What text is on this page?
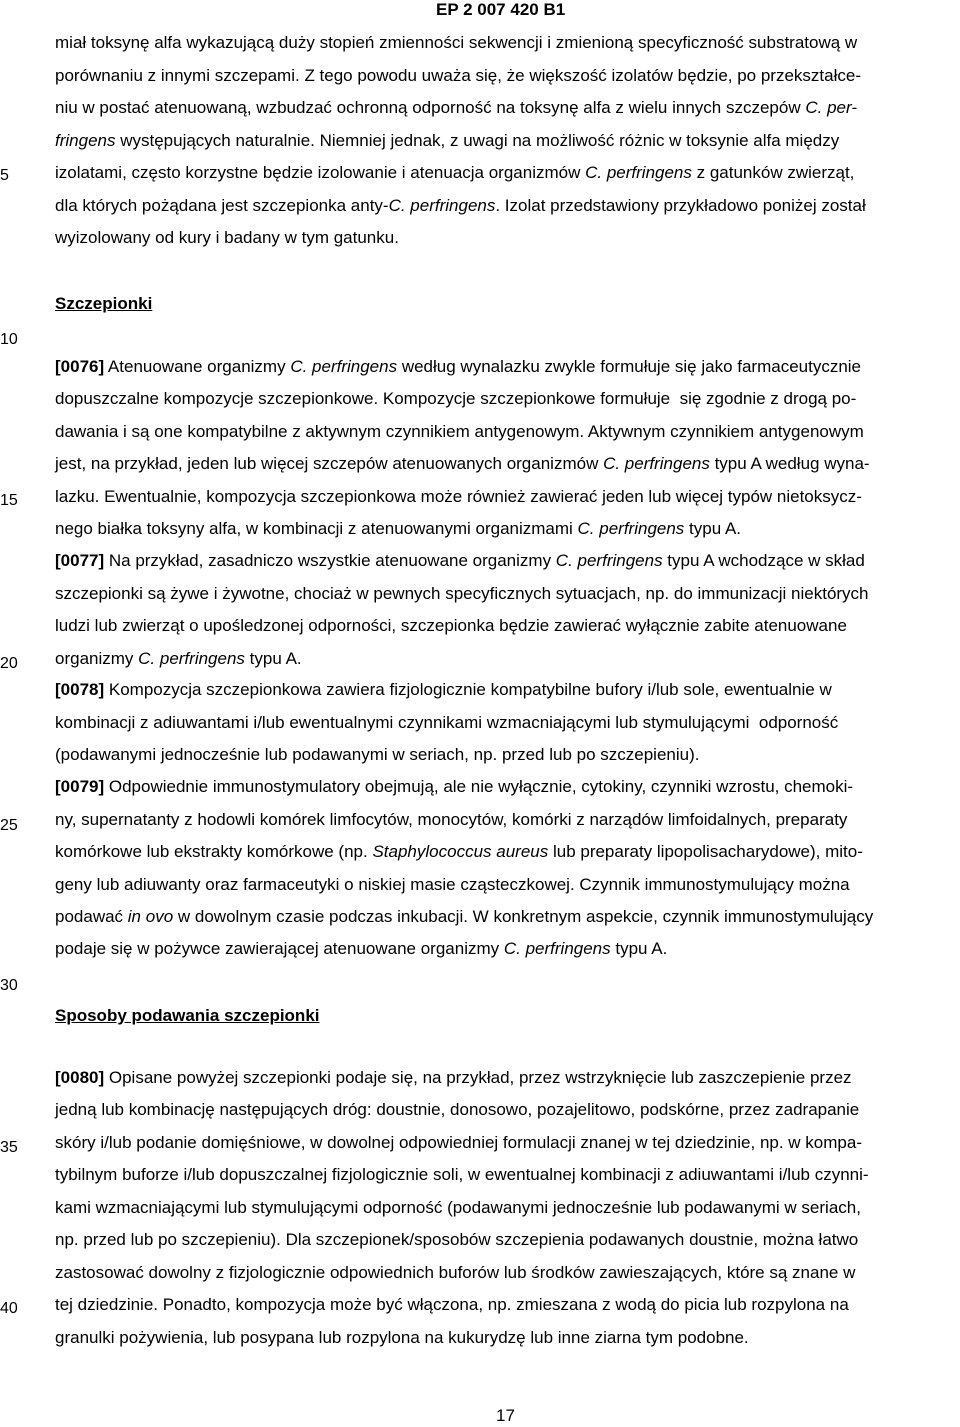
EP 2 007 420 B1
miał toksynę alfa wykazującą duży stopień zmienności sekwencji i zmienioną specyficzność substratową w
porównaniu z innymi szczepami. Z tego powodu uważa się, że większość izolatów będzie, po przekształce-
niu w postać atenuowaną, wzbudzać ochronną odporność na toksynę alfa z wielu innych szczepów C. per-
fringens występujących naturalnie. Niemniej jednak, z uwagi na możliwość różnic w toksynie alfa między
izolatami, często korzystne będzie izolowanie i atenuacja organizmów C. perfringens z gatunków zwierząt,
dla których pożądana jest szczepionka anty-C. perfringens. Izolat przedstawiony przykładowo poniżej został
wyizolowany od kury i badany w tym gatunku.
Szczepionki
[0076] Atenuowane organizmy C. perfringens według wynalazku zwykle formułuje się jako farmaceutycznie
dopuszczalne kompozycje szczepionkowe. Kompozycje szczepionkowe formułuje  się zgodnie z drogą po-
dawania i są one kompatybilne z aktywnym czynnikiem antygenowym. Aktywnym czynnikiem antygenowym
jest, na przykład, jeden lub więcej szczepów atenuowanych organizmów C. perfringens typu A według wyna-
lazku. Ewentualnie, kompozycja szczepionkowa może również zawierać jeden lub więcej typów nietoksycz-
nego białka toksyny alfa, w kombinacji z atenuowanymi organizmami C. perfringens typu A.
[0077] Na przykład, zasadniczo wszystkie atenuowane organizmy C. perfringens typu A wchodzące w skład
szczepionki są żywe i żywotne, chociaż w pewnych specyficznych sytuacjach, np. do immunizacji niektórych
ludzi lub zwierząt o upośledzonej odporności, szczepionka będzie zawierać wyłącznie zabite atenuowane
organizmy C. perfringens typu A.
[0078] Kompozycja szczepionkowa zawiera fizjologicznie kompatybilne bufory i/lub sole, ewentualnie w
kombinacji z adiuwantami i/lub ewentualnymi czynnikami wzmacniającymi lub stymulującymi  odporność
(podawanymi jednocześnie lub podawanymi w seriach, np. przed lub po szczepieniu).
[0079] Odpowiednie immunostymulatory obejmują, ale nie wyłącznie, cytokiny, czynniki wzrostu, chemoki-
ny, supernatanty z hodowli komórek limfocytów, monocytów, komórki z narządów limfoidalnych, preparaty
komórkowe lub ekstrakty komórkowe (np. Staphylococcus aureus lub preparaty lipopolisacharydowe), mito-
geny lub adiuwanty oraz farmaceutyki o niskiej masie cząsteczkowej. Czynnik immunostymulujący można
podawać in ovo w dowolnym czasie podczas inkubacji. W konkretnym aspekcie, czynnik immunostymulujący
podaje się w pożywce zawierającej atenuowane organizmy C. perfringens typu A.
Sposoby podawania szczepionki
[0080] Opisane powyżej szczepionki podaje się, na przykład, przez wstrzyknięcie lub zaszczepienie przez
jedną lub kombinację następujących dróg: doustnie, donosowo, pozajelitowo, podskórne, przez zadrapanie
skóry i/lub podanie domięśniowe, w dowolnej odpowiedniej formulacji znanej w tej dziedzinie, np. w kompa-
tybilnym buforze i/lub dopuszczalnej fizjologicznie soli, w ewentualnej kombinacji z adiuwantami i/lub czynni-
kami wzmacniającymi lub stymulującymi odporność (podawanymi jednocześnie lub podawanymi w seriach,
np. przed lub po szczepieniu). Dla szczepionek/sposobów szczepienia podawanych doustnie, można łatwo
zastosować dowolny z fizjologicznie odpowiednich buforów lub środków zawieszających, które są znane w
tej dziedzinie. Ponadto, kompozycja może być włączona, np. zmieszana z wodą do picia lub rozpylona na
granulki pożywienia, lub posypana lub rozpylona na kukurydzę lub inne ziarna tym podobne.
5
10
15
20
25
30
35
40
17
